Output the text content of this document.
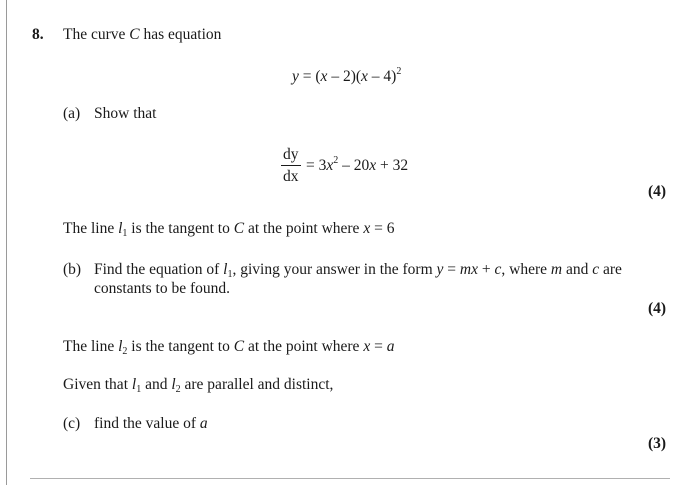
8. The curve C has equation
y = (x – 2)(x – 4)$^2$
(a) Show that
dy
dx
= $3x^2 - 20x + 32$
(4)
The line $l_1$ is the tangent to C at the point where x = 6
(b) Find the equation of $l_1$, giving your answer in the form y = mx + c, where m and c are
constants to be found.
(4)
The line $l_2$ is the tangent to C at the point where x = a
Given that $l_1$ and $l_2$ are parallel and distinct,
(c) find the value of a
(3)
